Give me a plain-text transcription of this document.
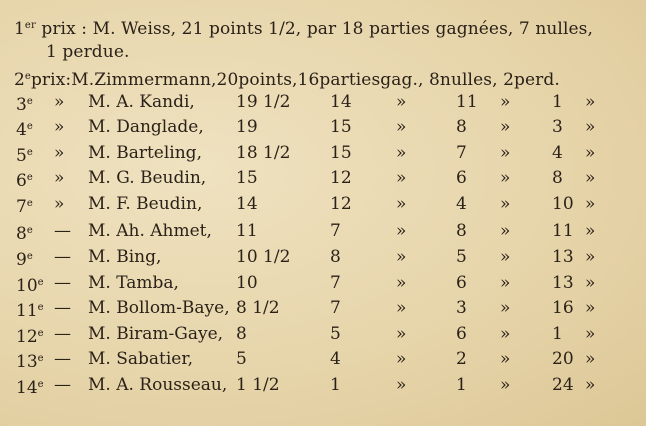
1er prix : M. Weiss, 21 points 1/2, par 18 parties gagnées, 7 nulles,
1 perdue.
2eprix:M.Zimmermann,20points,16partiesgag., 8nulles, 2perd.
3e	»	M. A. Kandi, 19 1/2 14	»	11 » 1 »
4e	»	M. Danglade, 19	15	»	8 » 3 »
5e	»	M. Barteling, 18 1/2 15	»	7 » 4 »
6e	»	M. G. Beudin, 15	12	»	6 » 8 »
7e	»	M. F. Beudin, 14	12	»	4 » 10 »
8e	—	M. Ah. Ahmet, 11	7	»	8 » 11 »
9e	—	M. Bing,	10 1/2 8	»	5 » 13 »
10e —	M. Tamba,	10	7	»	6 » 13 »
11e —	M. Bollom-Baye, 8 1/2	7	»	3 » 16 »
12e —	M. Biram-Gaye, 8	5	»	6 » 1 »
13e —	M. Sabatier,	5	4	»	2 » 20 »
14e —	M. A. Rousseau, 1 1/2	1	»	1 » 24 »
